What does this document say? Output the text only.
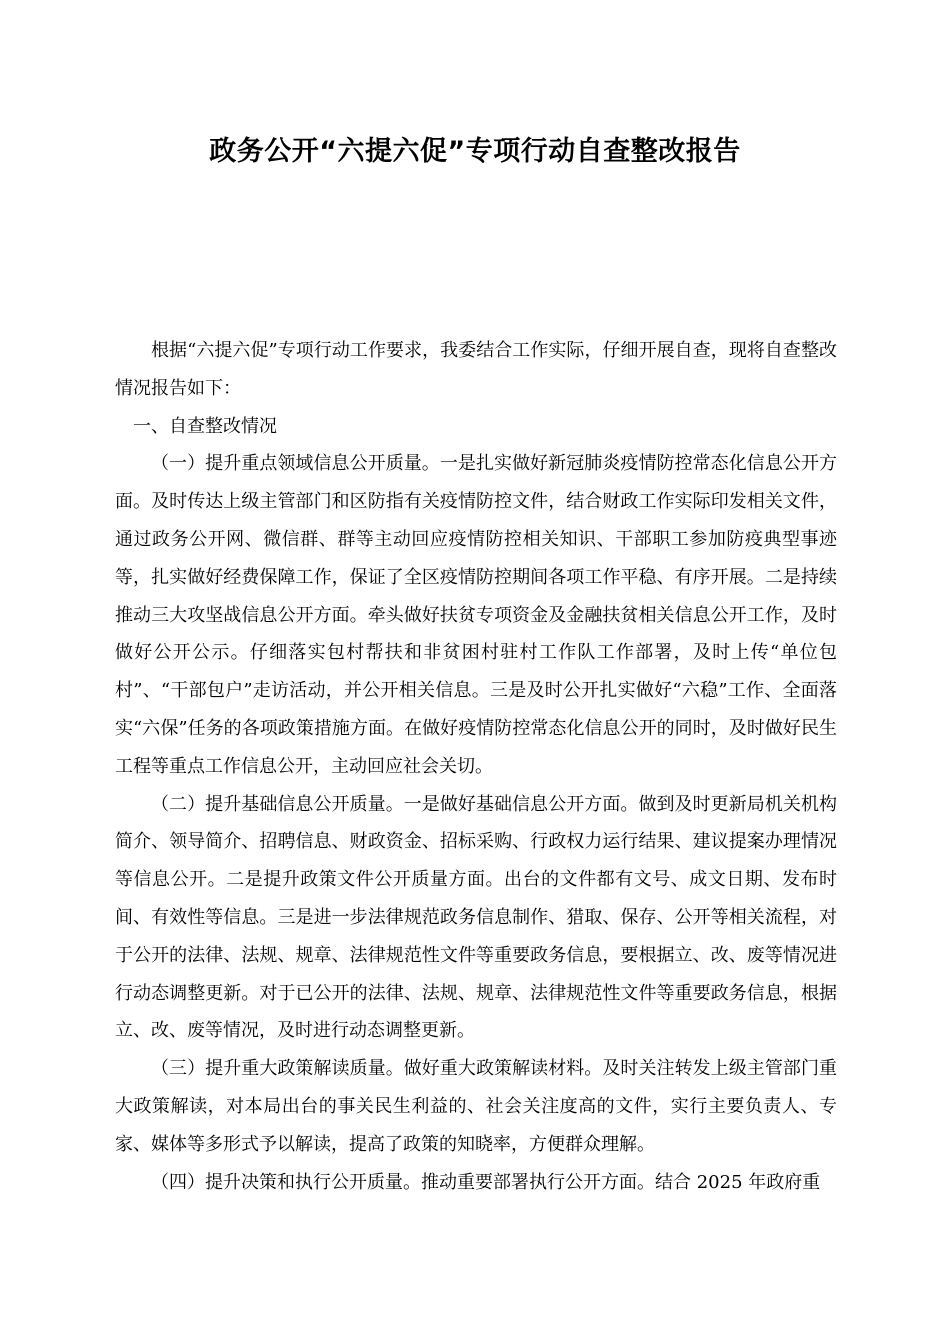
政务公开“六提六促”专项行动自查整改报告

根据“六提六促”专项行动工作要求，我委结合工作实际，仔细开展自查，现将自查整改情况报告如下：

一、自查整改情况

（一）提升重点领域信息公开质量。一是扎实做好新冠肺炎疫情防控常态化信息公开方面。及时传达上级主管部门和区防指有关疫情防控文件，结合财政工作实际印发相关文件，通过政务公开网、微信群、群等主动回应疫情防控相关知识、干部职工参加防疫典型事迹等，扎实做好经费保障工作，保证了全区疫情防控期间各项工作平稳、有序开展。二是持续推动三大攻坚战信息公开方面。牵头做好扶贫专项资金及金融扶贫相关信息公开工作，及时做好公开公示。仔细落实包村帮扶和非贫困村驻村工作队工作部署，及时上传“单位包村”、“干部包户”走访活动，并公开相关信息。三是及时公开扎实做好“六稳”工作、全面落实“六保”任务的各项政策措施方面。在做好疫情防控常态化信息公开的同时，及时做好民生工程等重点工作信息公开，主动回应社会关切。

（二）提升基础信息公开质量。一是做好基础信息公开方面。做到及时更新局机关机构简介、领导简介、招聘信息、财政资金、招标采购、行政权力运行结果、建议提案办理情况等信息公开。二是提升政策文件公开质量方面。出台的文件都有文号、成文日期、发布时间、有效性等信息。三是进一步法律规范政务信息制作、猎取、保存、公开等相关流程，对于公开的法律、法规、规章、法律规范性文件等重要政务信息，要根据立、改、废等情况进行动态调整更新。对于已公开的法律、法规、规章、法律规范性文件等重要政务信息，根据立、改、废等情况，及时进行动态调整更新。

（三）提升重大政策解读质量。做好重大政策解读材料。及时关注转发上级主管部门重大政策解读，对本局出台的事关民生利益的、社会关注度高的文件，实行主要负责人、专家、媒体等多形式予以解读，提高了政策的知晓率，方便群众理解。

（四）提升决策和执行公开质量。推动重要部署执行公开方面。结合 2025 年政府重
